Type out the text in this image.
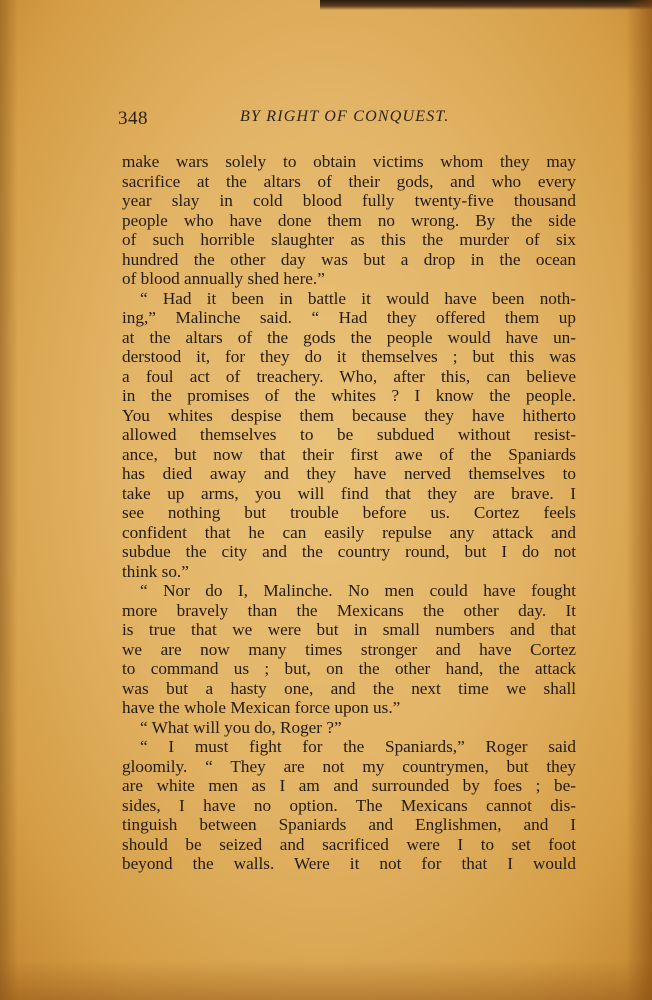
348	BY RIGHT OF CONQUEST.
make wars solely to obtain victims whom they may
sacrifice at the altars of their gods, and who every
year slay in cold blood fully twenty-five thousand
people who have done them no wrong. By the side
of such horrible slaughter as this the murder of six
hundred the other day was but a drop in the ocean
of blood annually shed here.”
“ Had it been in battle it would have been noth-
ing,” Malinche said. “ Had they offered them up
at the altars of the gods the people would have un-
derstood it, for they do it themselves ; but this was
a foul act of treachery. Who, after this, can believe
in the promises of the whites ? I know the people.
You whites despise them because they have hitherto
allowed themselves to be subdued without resist-
ance, but now that their first awe of the Spaniards
has died away and they have nerved themselves to
take up arms, you will find that they are brave. I
see nothing but trouble before us. Cortez feels
confident that he can easily repulse any attack and
subdue the city and the country round, but I do not
think so.”
“ Nor do I, Malinche. No men could have fought
more bravely than the Mexicans the other day. It
is true that we were but in small numbers and that
we are now many times stronger and have Cortez
to command us ; but, on the other hand, the attack
was but a hasty one, and the next time we shall
have the whole Mexican force upon us.”
“ What will you do, Roger ?”
“ I must fight for the Spaniards,” Roger said
gloomily. “ They are not my countrymen, but they
are white men as I am and surrounded by foes ; be-
sides, I have no option. The Mexicans cannot dis-
tinguish between Spaniards and Englishmen, and I
should be seized and sacrificed were I to set foot
beyond the walls. Were it not for that I would
